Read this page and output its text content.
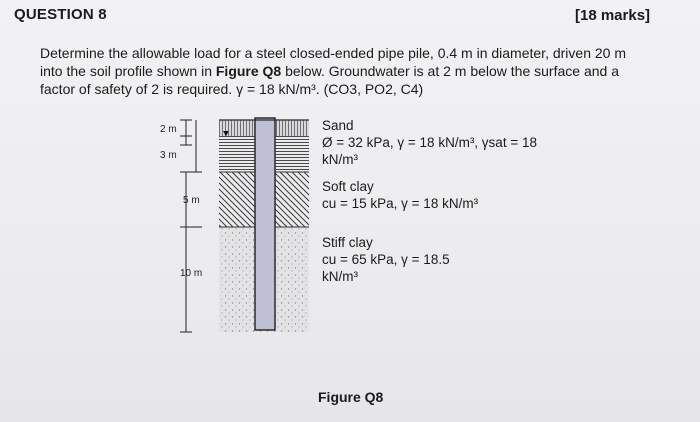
QUESTION 8	[18 marks]
Determine the allowable load for a steel closed-ended pipe pile, 0.4 m in diameter, driven 20 m
into the soil profile shown in Figure Q8 below. Groundwater is at 2 m below the surface and a
factor of safety of 2 is required. γ = 18 kN/m³. (CO3, PO2, C4)
2 m
3 m
5 m
10 m
Sand
Ø = 32 kPa, γ = 18 kN/m³, γsat = 18
kN/m³
Soft clay
cu = 15 kPa, γ = 18 kN/m³
Stiff clay
cu = 65 kPa, γ = 18.5
kN/m³
Figure Q8
